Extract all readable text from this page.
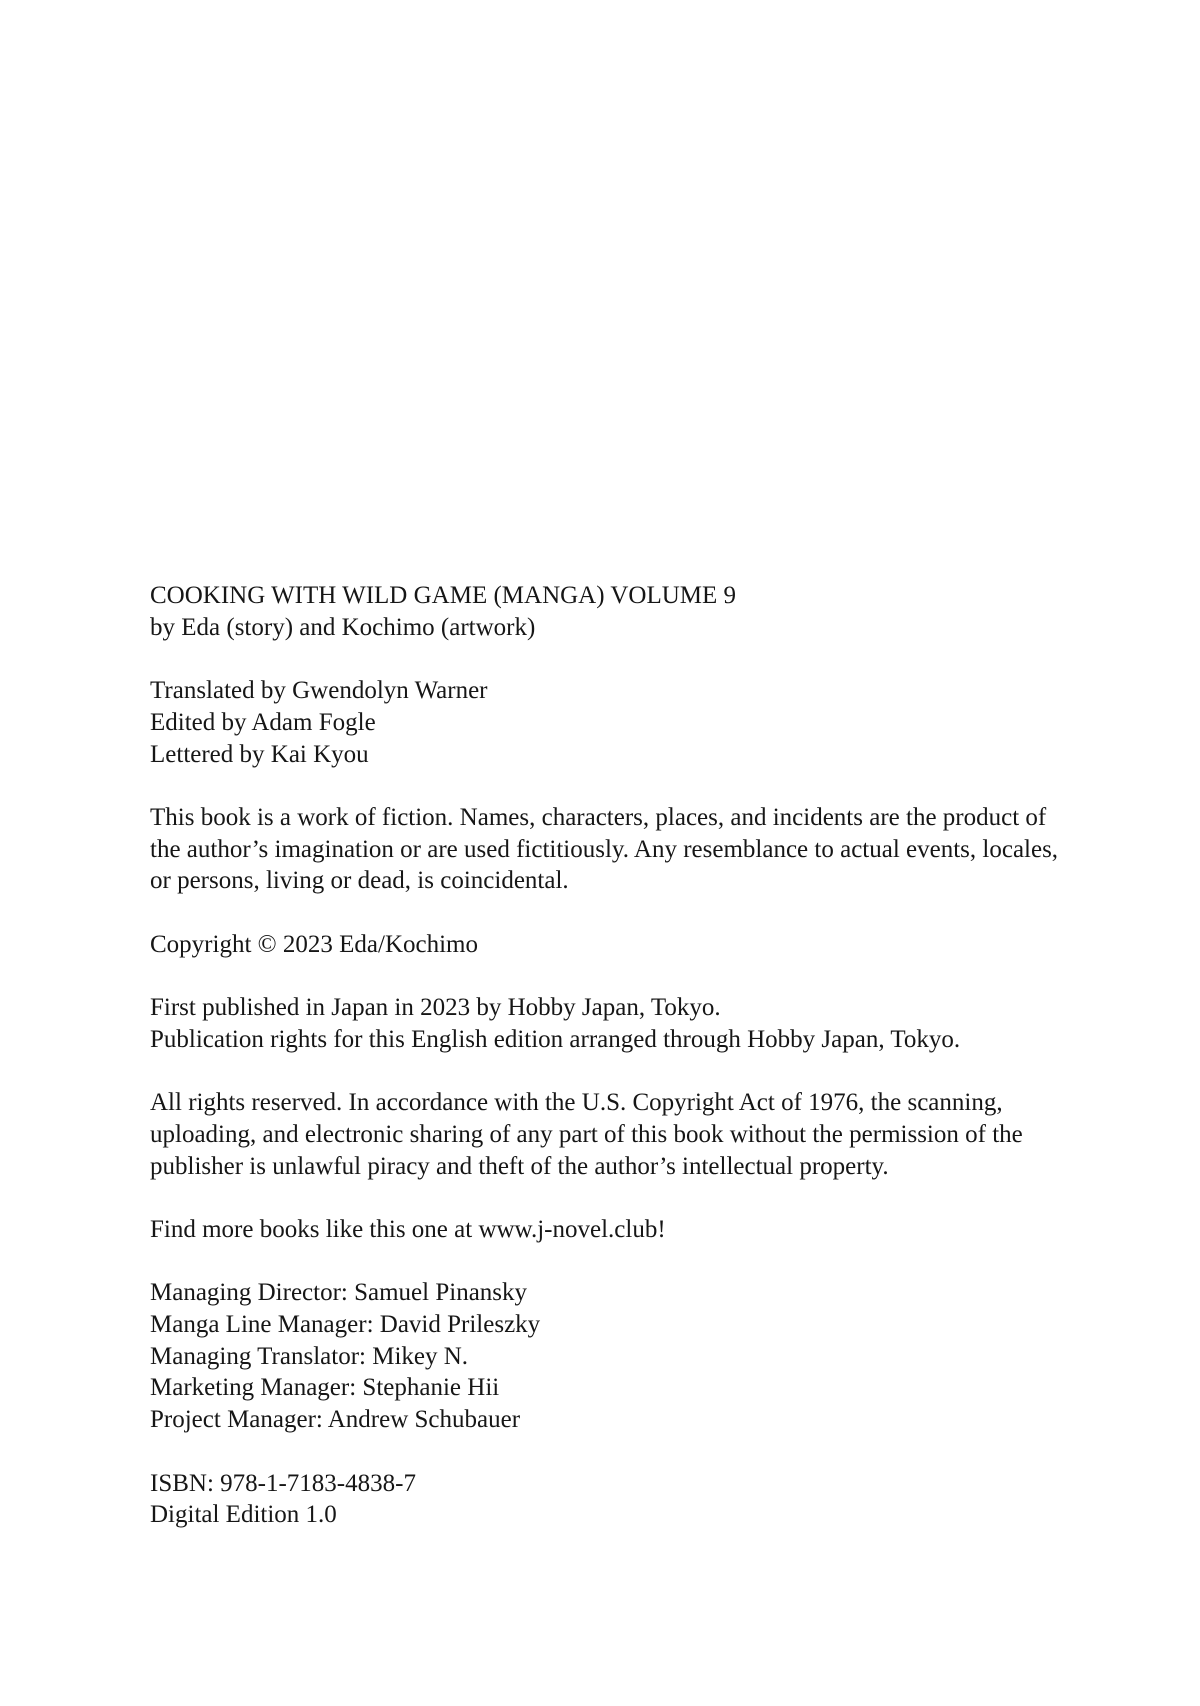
COOKING WITH WILD GAME (MANGA) VOLUME 9
by Eda (story) and Kochimo (artwork)
Translated by Gwendolyn Warner
Edited by Adam Fogle
Lettered by Kai Kyou
This book is a work of fiction. Names, characters, places, and incidents are the product of
the author’s imagination or are used fictitiously. Any resemblance to actual events, locales,
or persons, living or dead, is coincidental.
Copyright © 2023 Eda/Kochimo
First published in Japan in 2023 by Hobby Japan, Tokyo.
Publication rights for this English edition arranged through Hobby Japan, Tokyo.
All rights reserved. In accordance with the U.S. Copyright Act of 1976, the scanning,
uploading, and electronic sharing of any part of this book without the permission of the
publisher is unlawful piracy and theft of the author’s intellectual property.
Find more books like this one at www.j-novel.club!
Managing Director: Samuel Pinansky
Manga Line Manager: David Prileszky
Managing Translator: Mikey N.
Marketing Manager: Stephanie Hii
Project Manager: Andrew Schubauer
ISBN: 978-1-7183-4838-7
Digital Edition 1.0
